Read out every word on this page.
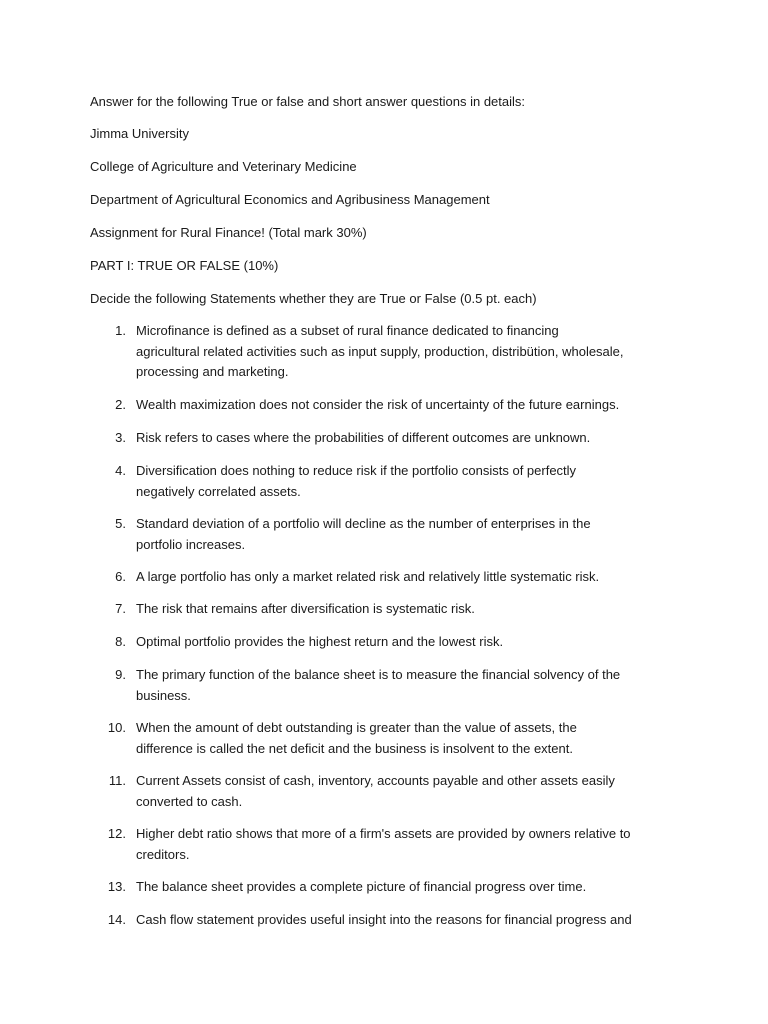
Answer for the following True or false and short answer questions in details:
Jimma University
College of Agriculture and Veterinary Medicine
Department of Agricultural Economics and Agribusiness Management
Assignment for Rural Finance! (Total mark 30%)
PART I: TRUE OR FALSE (10%)
Decide the following Statements whether they are True or False (0.5 pt. each)
1. Microfinance is defined as a subset of rural finance dedicated to financing
agricultural related activities such as input supply, production, distribütion, wholesale,
processing and marketing.
2. Wealth maximization does not consider the risk of uncertainty of the future earnings.
3. Risk refers to cases where the probabilities of different outcomes are unknown.
4. Diversification does nothing to reduce risk if the portfolio consists of perfectly
negatively correlated assets.
5. Standard deviation of a portfolio will decline as the number of enterprises in the
portfolio increases.
6. A large portfolio has only a market related risk and relatively little systematic risk.
7. The risk that remains after diversification is systematic risk.
8. Optimal portfolio provides the highest return and the lowest risk.
9. The primary function of the balance sheet is to measure the financial solvency of the
business.
10. When the amount of debt outstanding is greater than the value of assets, the
difference is called the net deficit and the business is insolvent to the extent.
11. Current Assets consist of cash, inventory, accounts payable and other assets easily
converted to cash.
12. Higher debt ratio shows that more of a firm's assets are provided by owners relative to
creditors.
13. The balance sheet provides a complete picture of financial progress over time.
14. Cash flow statement provides useful insight into the reasons for financial progress and
